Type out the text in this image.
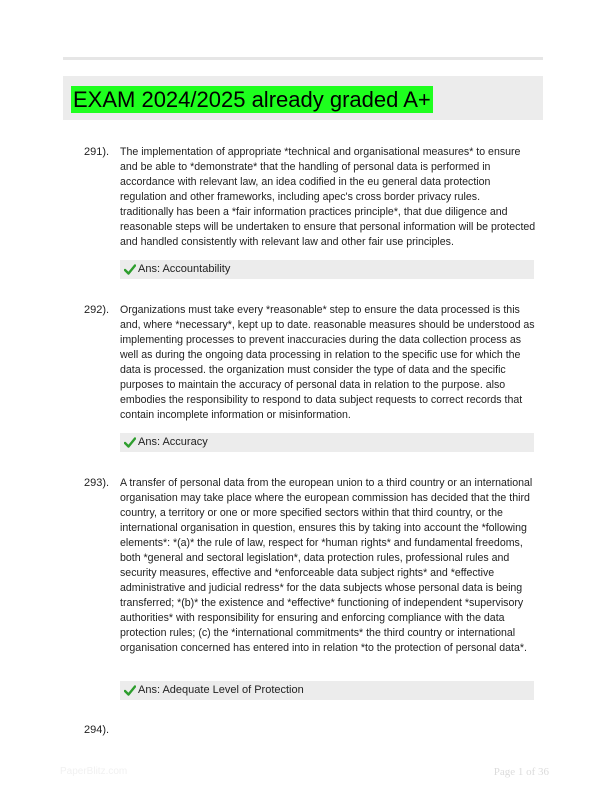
EXAM 2024/2025 already graded A+
291). The implementation of appropriate *technical and organisational measures* to ensure and be able to *demonstrate* that the handling of personal data is performed in accordance with relevant law, an idea codified in the eu general data protection regulation and other frameworks, including apec's cross border privacy rules. traditionally has been a *fair information practices principle*, that due diligence and reasonable steps will be undertaken to ensure that personal information will be protected and handled consistently with relevant law and other fair use principles.
Ans: Accountability
292). Organizations must take every *reasonable* step to ensure the data processed is this and, where *necessary*, kept up to date. reasonable measures should be understood as implementing processes to prevent inaccuracies during the data collection process as well as during the ongoing data processing in relation to the specific use for which the data is processed. the organization must consider the type of data and the specific purposes to maintain the accuracy of personal data in relation to the purpose. also embodies the responsibility to respond to data subject requests to correct records that contain incomplete information or misinformation.
Ans: Accuracy
293). A transfer of personal data from the european union to a third country or an international organisation may take place where the european commission has decided that the third country, a territory or one or more specified sectors within that third country, or the international organisation in question, ensures this by taking into account the *following elements*: *(a)* the rule of law, respect for *human rights* and fundamental freedoms, both *general and sectoral legislation*, data protection rules, professional rules and security measures, effective and *enforceable data subject rights* and *effective administrative and judicial redress* for the data subjects whose personal data is being transferred; *(b)* the existence and *effective* functioning of independent *supervisory authorities* with responsibility for ensuring and enforcing compliance with the data protection rules; (c) the *international commitments* the third country or international organisation concerned has entered into in relation *to the protection of personal data*.
Ans: Adequate Level of Protection
294).
PaperBlitz.com	Page 1 of 36
